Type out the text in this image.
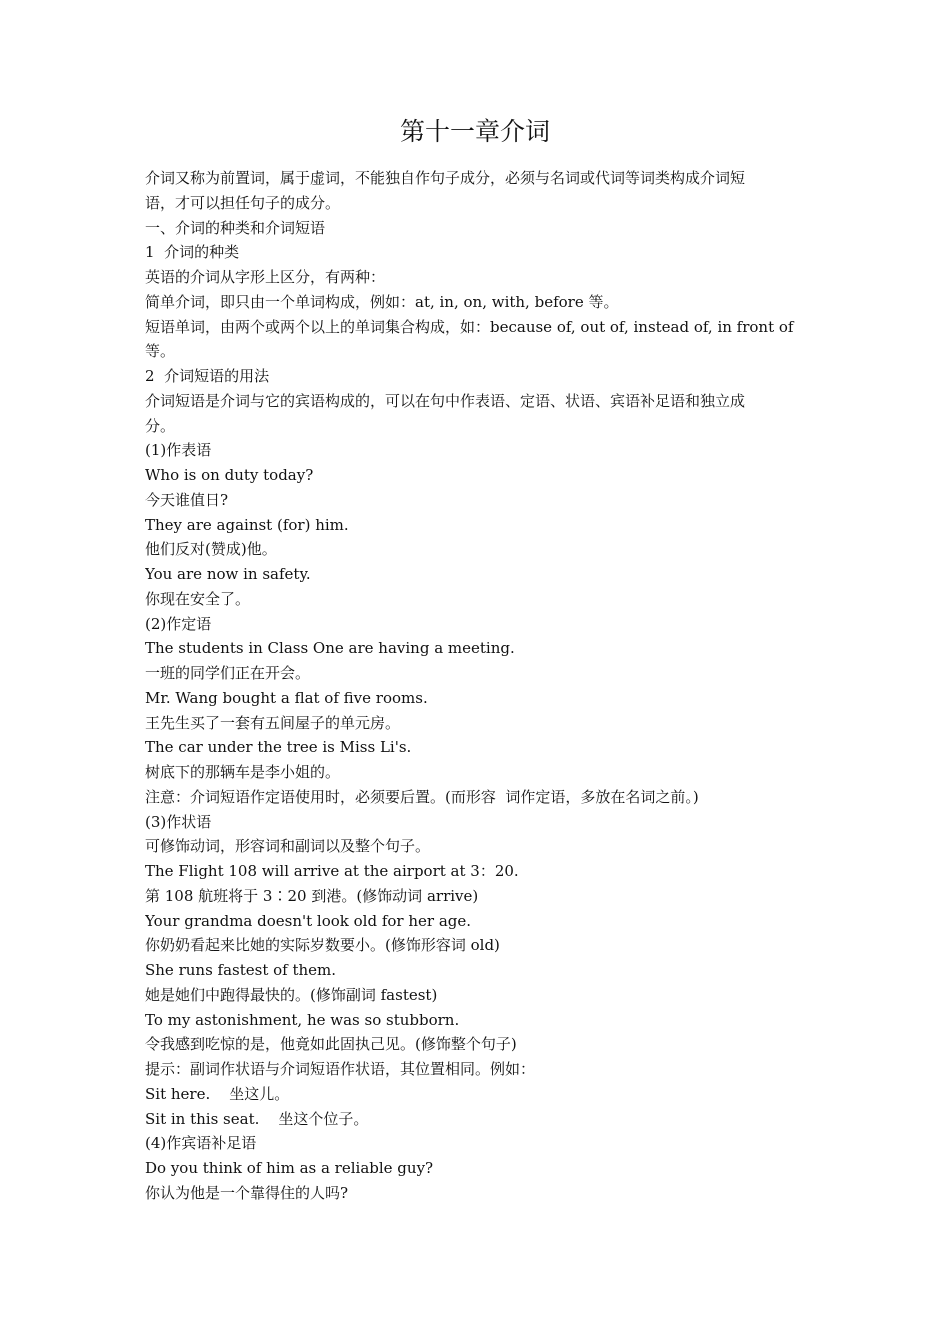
第十一章介词

介词又称为前置词，属于虚词，不能独自作句子成分，必须与名词或代词等词类构成介词短

语，才可以担任句子的成分。

一、介词的种类和介词短语

1  介词的种类

英语的介词从字形上区分，有两种：

简单介词，即只由一个单词构成，例如：at, in, on, with, before 等。

短语单词，由两个或两个以上的单词集合构成，如：because of, out of, instead of, in front of

等。

2  介词短语的用法

介词短语是介词与它的宾语构成的，可以在句中作表语、定语、状语、宾语补足语和独立成

分。

(1)作表语

Who is on duty today?

今天谁值日?

They are against (for) him.

他们反对(赞成)他。

You are now in safety.

你现在安全了。

(2)作定语

The students in Class One are having a meeting.

一班的同学们正在开会。

Mr. Wang bought a flat of five rooms.

王先生买了一套有五间屋子的单元房。

The car under the tree is Miss Li's.

树底下的那辆车是李小姐的。

注意：介词短语作定语使用时，必须要后置。(而形容  词作定语，多放在名词之前。)

(3)作状语

可修饰动词，形容词和副词以及整个句子。

The Flight 108 will arrive at the airport at 3：20.

第 108 航班将于 3∶20 到港。(修饰动词 arrive)

Your grandma doesn't look old for her age.

你奶奶看起来比她的实际岁数要小。(修饰形容词 old)

She runs fastest of them.

她是她们中跑得最快的。(修饰副词 fastest)

To my astonishment, he was so stubborn.

令我感到吃惊的是，他竟如此固执己见。(修饰整个句子)

提示：副词作状语与介词短语作状语，其位置相同。例如：

Sit here.    坐这儿。

Sit in this seat.    坐这个位子。

(4)作宾语补足语

Do you think of him as a reliable guy?

你认为他是一个靠得住的人吗?
